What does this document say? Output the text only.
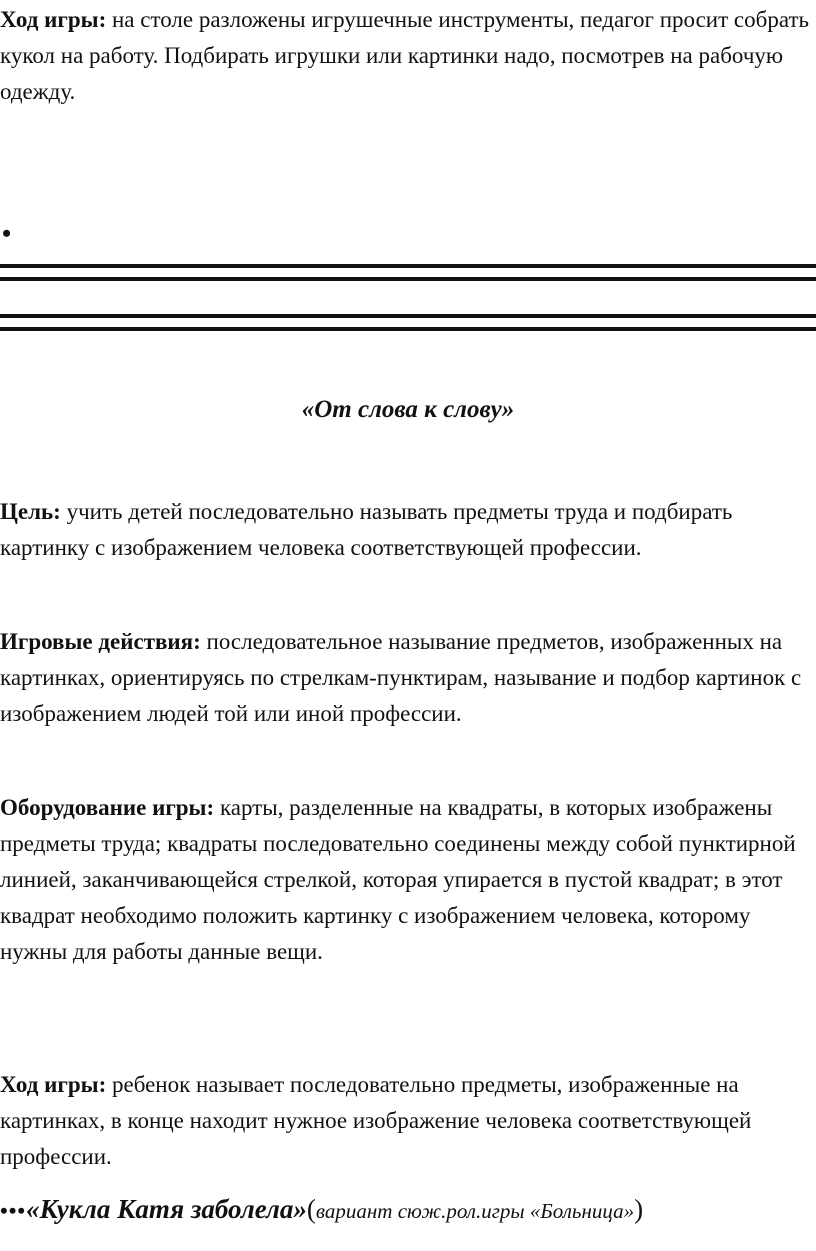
Ход игры: на столе разложены игрушечные инструменты, педагог просит собрать кукол на работу. Подбирать игрушки или картинки надо, посмотрев на рабочую одежду.

•
«От слова к слову»

Цель: учить детей последовательно называть предметы труда и подбирать картинку с изображением человека соответствующей профессии.

Игровые действия: последовательное называние предметов, изображенных на картинках, ориентируясь по стрелкам-пунктирам, называние и подбор картинок с изображением людей той или иной профессии.

Оборудование игры: карты, разделенные на квадраты, в которых изображены предметы труда; квадраты последовательно соединены между собой пунктирной линией, заканчивающейся стрелкой, которая упирается в пустой квадрат; в этот квадрат необходимо положить картинку с изображением человека, которому нужны для работы данные вещи.

Ход игры: ребенок называет последовательно предметы, изображенные на картинках, в конце находит нужное изображение человека соответствующей профессии.

•••«Кукла Катя заболела»(вариант сюж.рол.игры «Больница»)
